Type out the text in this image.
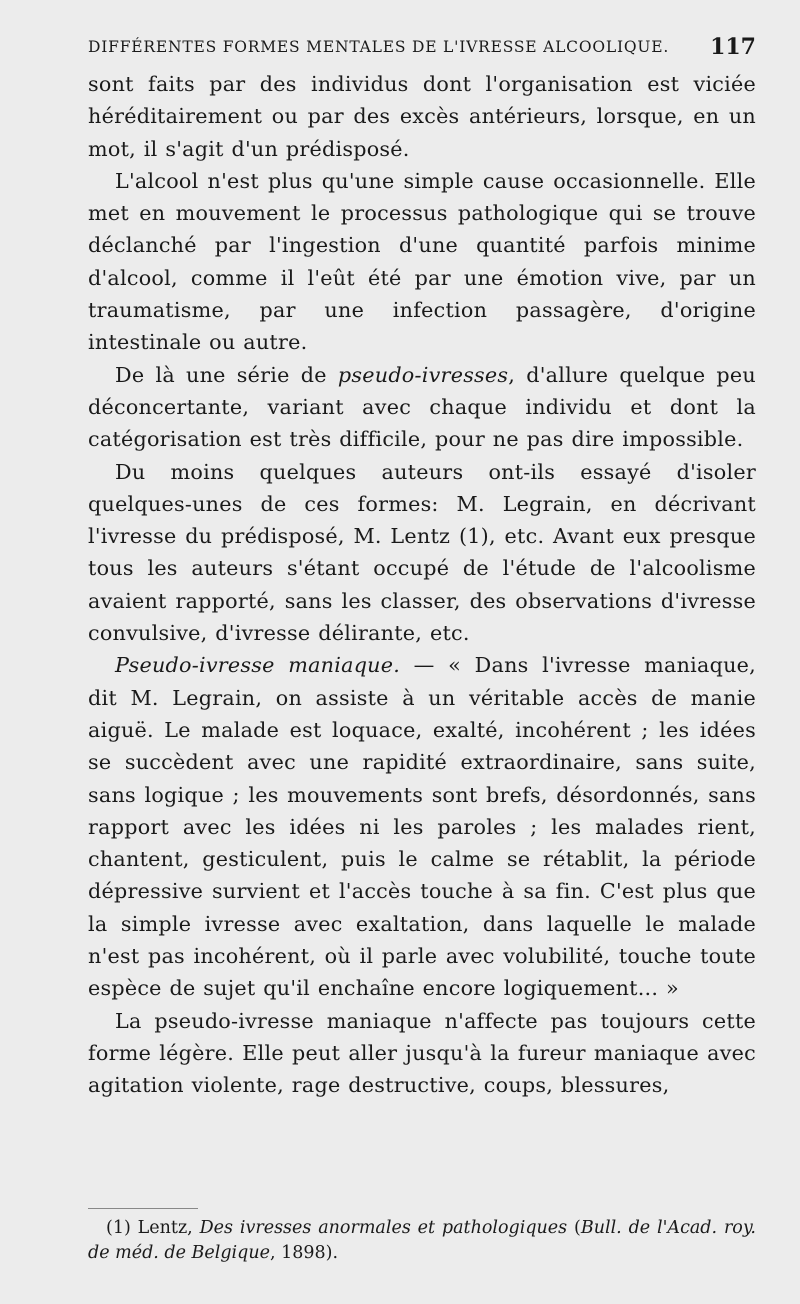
DIFFÉRENTES FORMES MENTALES DE L'IVRESSE ALCOOLIQUE. 117

sont faits par des individus dont l'organisation est viciée héréditairement ou par des excès antérieurs, lorsque, en un mot, il s'agit d'un prédisposé.

L'alcool n'est plus qu'une simple cause occasionnelle. Elle met en mouvement le processus pathologique qui se trouve déclanché par l'ingestion d'une quantité parfois minime d'alcool, comme il l'eût été par une émotion vive, par un traumatisme, par une infection passagère, d'origine intestinale ou autre.

De là une série de pseudo-ivresses, d'allure quelque peu déconcertante, variant avec chaque individu et dont la catégorisation est très difficile, pour ne pas dire impossible.

Du moins quelques auteurs ont-ils essayé d'isoler quelques-unes de ces formes: M. Legrain, en décrivant l'ivresse du prédisposé, M. Lentz (1), etc. Avant eux presque tous les auteurs s'étant occupé de l'étude de l'alcoolisme avaient rapporté, sans les classer, des observations d'ivresse convulsive, d'ivresse délirante, etc.

Pseudo-ivresse maniaque. — « Dans l'ivresse maniaque, dit M. Legrain, on assiste à un véritable accès de manie aiguë. Le malade est loquace, exalté, incohérent ; les idées se succèdent avec une rapidité extraordinaire, sans suite, sans logique ; les mouvements sont brefs, désordonnés, sans rapport avec les idées ni les paroles ; les malades rient, chantent, gesticulent, puis le calme se rétablit, la période dépressive survient et l'accès touche à sa fin. C'est plus que la simple ivresse avec exaltation, dans laquelle le malade n'est pas incohérent, où il parle avec volubilité, touche toute espèce de sujet qu'il enchaîne encore logiquement... »

La pseudo-ivresse maniaque n'affecte pas toujours cette forme légère. Elle peut aller jusqu'à la fureur maniaque avec agitation violente, rage destructive, coups, blessures,

(1) Lentz, Des ivresses anormales et pathologiques (Bull. de l'Acad. roy. de méd. de Belgique, 1898).
